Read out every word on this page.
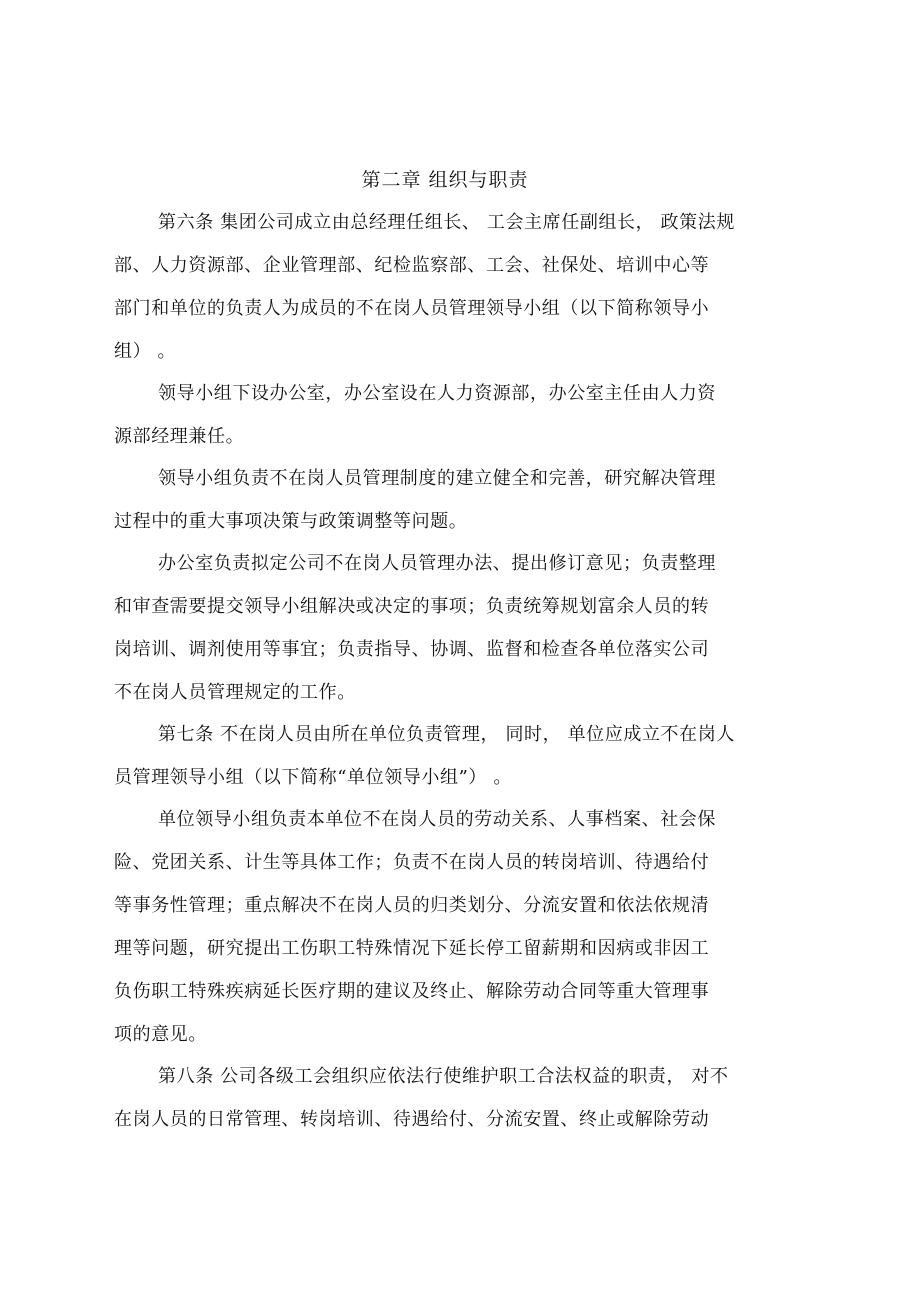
第二章 组织与职责
第六条 集团公司成立由总经理任组长、 工会主席任副组长， 政策法规
部、人力资源部、企业管理部、纪检监察部、工会、社保处、培训中心等
部门和单位的负责人为成员的不在岗人员管理领导小组（以下简称领导小
组） 。
领导小组下设办公室，办公室设在人力资源部，办公室主任由人力资
源部经理兼任。
领导小组负责不在岗人员管理制度的建立健全和完善，研究解决管理
过程中的重大事项决策与政策调整等问题。
办公室负责拟定公司不在岗人员管理办法、提出修订意见；负责整理
和审查需要提交领导小组解决或决定的事项；负责统筹规划富余人员的转
岗培训、调剂使用等事宜；负责指导、协调、监督和检查各单位落实公司
不在岗人员管理规定的工作。
第七条 不在岗人员由所在单位负责管理， 同时， 单位应成立不在岗人
员管理领导小组（以下简称“单位领导小组”） 。
单位领导小组负责本单位不在岗人员的劳动关系、人事档案、社会保
险、党团关系、计生等具体工作；负责不在岗人员的转岗培训、待遇给付
等事务性管理；重点解决不在岗人员的归类划分、分流安置和依法依规清
理等问题，研究提出工伤职工特殊情况下延长停工留薪期和因病或非因工
负伤职工特殊疾病延长医疗期的建议及终止、解除劳动合同等重大管理事
项的意见。
第八条 公司各级工会组织应依法行使维护职工合法权益的职责， 对不
在岗人员的日常管理、转岗培训、待遇给付、分流安置、终止或解除劳动
